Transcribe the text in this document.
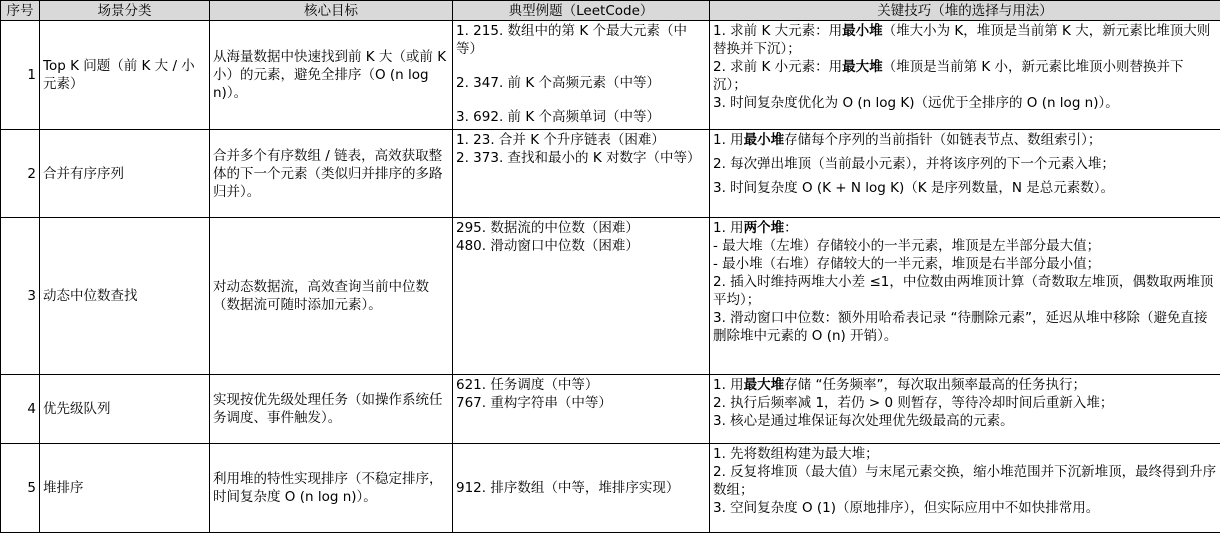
序号	场景分类	核心目标	典型例题（LeetCode）	关键技巧（堆的选择与用法）
1	Top K 问题（前 K 大 / 小元素）	从海量数据中快速找到前 K 大（或前 K 小）的元素，避免全排序（O (n log n)）。	1. 215. 数组中的第 K 个最大元素（中等）
2. 347. 前 K 个高频元素（中等）
3. 692. 前 K 个高频单词（中等）	1. 求前 K 大元素：用最小堆（堆大小为 K，堆顶是当前第 K 大，新元素比堆顶大则替换并下沉）；
2. 求前 K 小元素：用最大堆（堆顶是当前第 K 小，新元素比堆顶小则替换并下沉）；
3. 时间复杂度优化为 O (n log K)（远优于全排序的 O (n log n)）。

2	合并有序序列	合并多个有序数组 / 链表，高效获取整体的下一个元素（类似归并排序的多路归并）。	1. 23. 合并 K 个升序链表（困难）
2. 373. 查找和最小的 K 对数字（中等）	1. 用最小堆存储每个序列的当前指针（如链表节点、数组索引）；
2. 每次弹出堆顶（当前最小元素），并将该序列的下一个元素入堆；
3. 时间复杂度 O (K + N log K)（K 是序列数量，N 是总元素数）。

3	动态中位数查找	对动态数据流，高效查询当前中位数（数据流可随时添加元素）。	295. 数据流的中位数（困难）
480. 滑动窗口中位数（困难）	1. 用两个堆：
- 最大堆（左堆）存储较小的一半元素，堆顶是左半部分最大值；
- 最小堆（右堆）存储较大的一半元素，堆顶是右半部分最小值；
2. 插入时维持两堆大小差 ≤1，中位数由两堆顶计算（奇数取左堆顶，偶数取两堆顶平均）；
3. 滑动窗口中位数：额外用哈希表记录 “待删除元素”，延迟从堆中移除（避免直接删除堆中元素的 O (n) 开销）。

4	优先级队列	实现按优先级处理任务（如操作系统任务调度、事件触发）。	621. 任务调度（中等）
767. 重构字符串（中等）	1. 用最大堆存储 “任务频率”，每次取出频率最高的任务执行；
2. 执行后频率减 1，若仍 > 0 则暂存，等待冷却时间后重新入堆；
3. 核心是通过堆保证每次处理优先级最高的元素。

5	堆排序	利用堆的特性实现排序（不稳定排序，时间复杂度 O (n log n)）。	912. 排序数组（中等，堆排序实现）	1. 先将数组构建为最大堆；
2. 反复将堆顶（最大值）与末尾元素交换，缩小堆范围并下沉新堆顶，最终得到升序数组；
3. 空间复杂度 O (1)（原地排序），但实际应用中不如快排常用。
